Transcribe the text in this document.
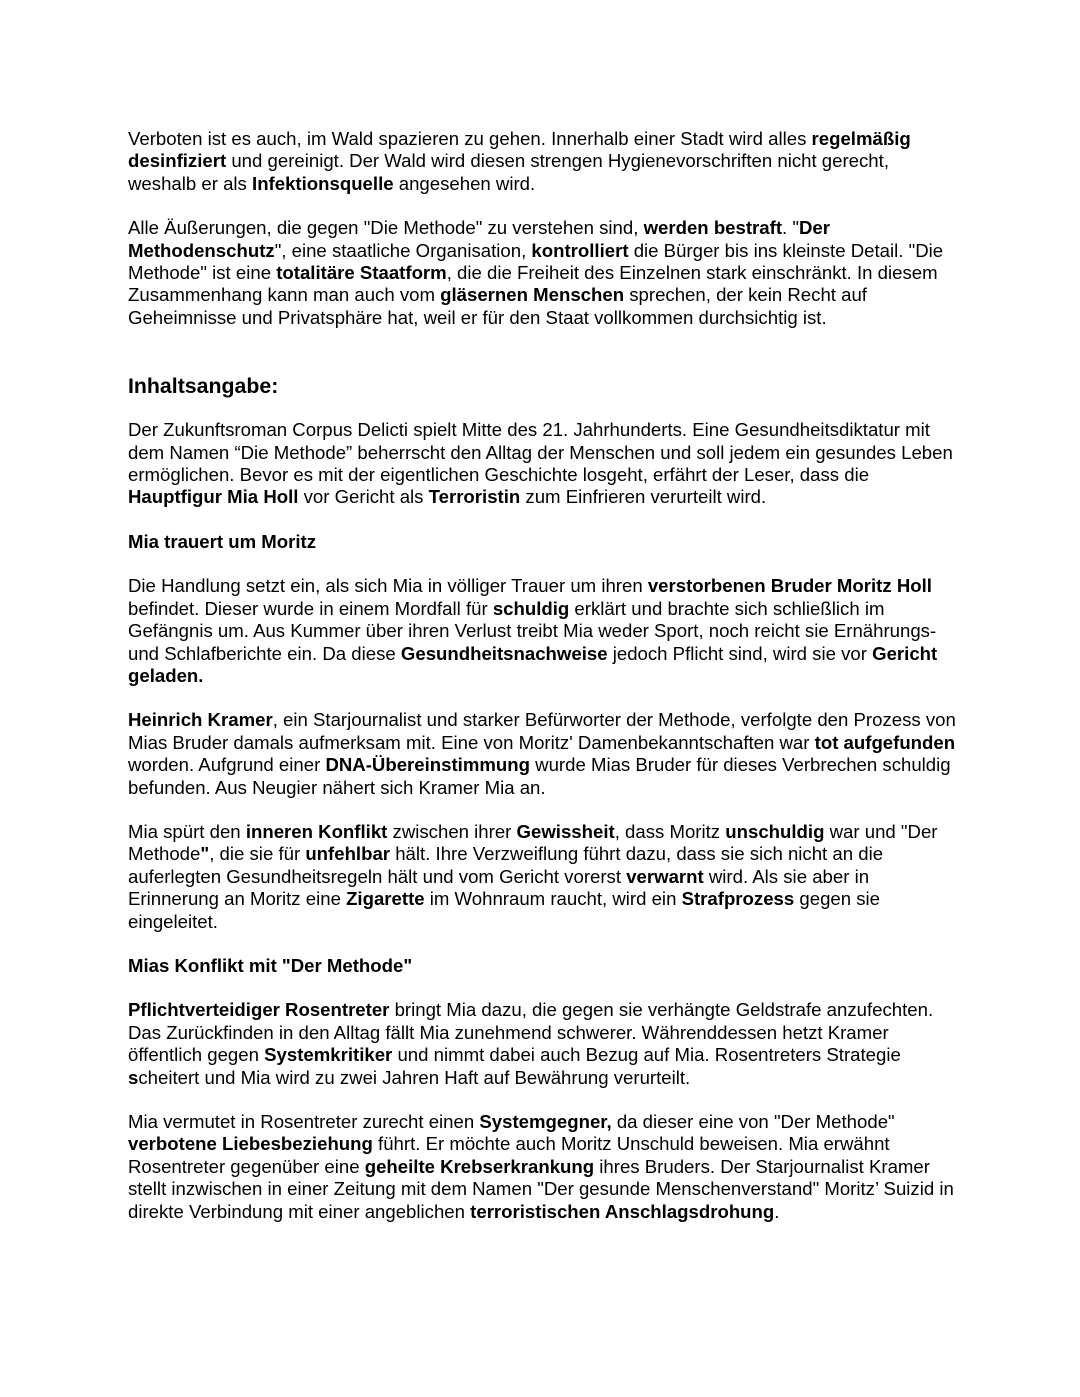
Verboten ist es auch, im Wald spazieren zu gehen. Innerhalb einer Stadt wird alles regelmäßig desinfiziert und gereinigt. Der Wald wird diesen strengen Hygienevorschriften nicht gerecht, weshalb er als Infektionsquelle angesehen wird.

Alle Äußerungen, die gegen "Die Methode" zu verstehen sind, werden bestraft. "Der Methodenschutz", eine staatliche Organisation, kontrolliert die Bürger bis ins kleinste Detail. "Die Methode" ist eine totalitäre Staatform, die die Freiheit des Einzelnen stark einschränkt. In diesem Zusammenhang kann man auch vom gläsernen Menschen sprechen, der kein Recht auf Geheimnisse und Privatsphäre hat, weil er für den Staat vollkommen durchsichtig ist.

Inhaltsangabe:

Der Zukunftsroman Corpus Delicti spielt Mitte des 21. Jahrhunderts. Eine Gesundheitsdiktatur mit dem Namen “Die Methode” beherrscht den Alltag der Menschen und soll jedem ein gesundes Leben ermöglichen. Bevor es mit der eigentlichen Geschichte losgeht, erfährt der Leser, dass die Hauptfigur Mia Holl vor Gericht als Terroristin zum Einfrieren verurteilt wird.

Mia trauert um Moritz

Die Handlung setzt ein, als sich Mia in völliger Trauer um ihren verstorbenen Bruder Moritz Holl befindet. Dieser wurde in einem Mordfall für schuldig erklärt und brachte sich schließlich im Gefängnis um. Aus Kummer über ihren Verlust treibt Mia weder Sport, noch reicht sie Ernährungs- und Schlafberichte ein. Da diese Gesundheitsnachweise jedoch Pflicht sind, wird sie vor Gericht geladen.

Heinrich Kramer, ein Starjournalist und starker Befürworter der Methode, verfolgte den Prozess von Mias Bruder damals aufmerksam mit. Eine von Moritz' Damenbekanntschaften war tot aufgefunden worden. Aufgrund einer DNA-Übereinstimmung wurde Mias Bruder für dieses Verbrechen schuldig befunden. Aus Neugier nähert sich Kramer Mia an.

Mia spürt den inneren Konflikt zwischen ihrer Gewissheit, dass Moritz unschuldig war und "Der Methode", die sie für unfehlbar hält. Ihre Verzweiflung führt dazu, dass sie sich nicht an die auferlegten Gesundheitsregeln hält und vom Gericht vorerst verwarnt wird. Als sie aber in Erinnerung an Moritz eine Zigarette im Wohnraum raucht, wird ein Strafprozess gegen sie eingeleitet.

Mias Konflikt mit "Der Methode"

Pflichtverteidiger Rosentreter bringt Mia dazu, die gegen sie verhängte Geldstrafe anzufechten. Das Zurückfinden in den Alltag fällt Mia zunehmend schwerer. Währenddessen hetzt Kramer öffentlich gegen Systemkritiker und nimmt dabei auch Bezug auf Mia. Rosentreters Strategie scheitert und Mia wird zu zwei Jahren Haft auf Bewährung verurteilt.

Mia vermutet in Rosentreter zurecht einen Systemgegner, da dieser eine von "Der Methode" verbotene Liebesbeziehung führt. Er möchte auch Moritz Unschuld beweisen. Mia erwähnt Rosentreter gegenüber eine geheilte Krebserkrankung ihres Bruders. Der Starjournalist Kramer stellt inzwischen in einer Zeitung mit dem Namen "Der gesunde Menschenverstand" Moritz’ Suizid in direkte Verbindung mit einer angeblichen terroristischen Anschlagsdrohung.
